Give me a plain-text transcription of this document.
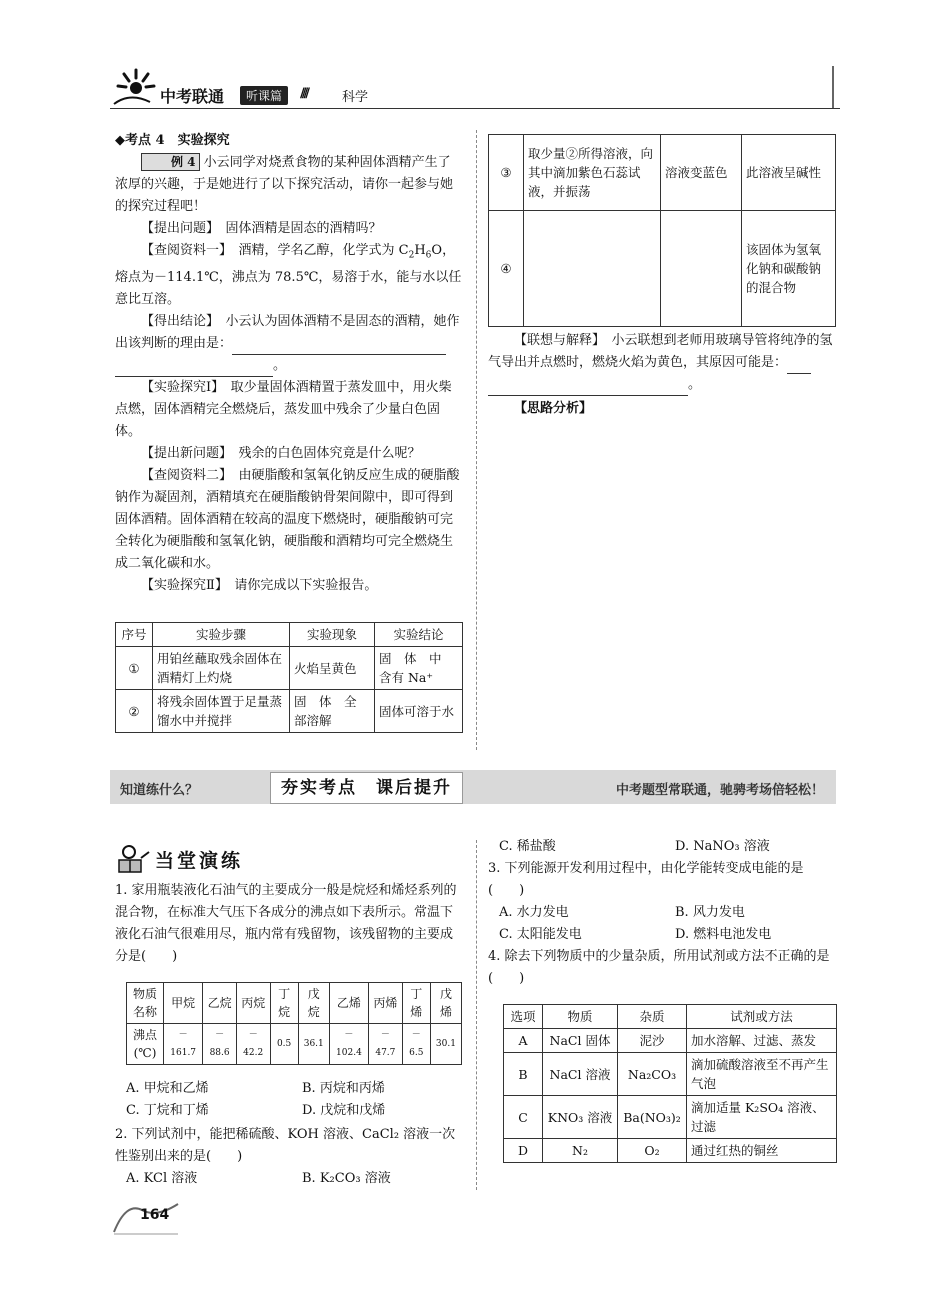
中考联通	听课篇	////	科学

◆考点 4　实验探究

例 4 小云同学对烧煮食物的某种固体酒精产生了浓厚的兴趣，于是她进行了以下探究活动，请你一起参与她的探究过程吧！

【提出问题】　固体酒精是固态的酒精吗？

【查阅资料一】　酒精，学名乙醇，化学式为 $C_2H_6O$，熔点为－114.1℃，沸点为 78.5℃，易溶于水，能与水以任意比互溶。

【得出结论】　小云认为固体酒精不是固态的酒精，她作出该判断的理由是：

。

【实验探究Ⅰ】　取少量固体酒精置于蒸发皿中，用火柴点燃，固体酒精完全燃烧后，蒸发皿中残余了少量白色固体。

【提出新问题】　残余的白色固体究竟是什么呢？

【查阅资料二】　由硬脂酸和氢氧化钠反应生成的硬脂酸钠作为凝固剂，酒精填充在硬脂酸钠骨架间隙中，即可得到固体酒精。固体酒精在较高的温度下燃烧时，硬脂酸钠可完全转化为硬脂酸和氢氧化钠，硬脂酸和酒精均可完全燃烧生成二氧化碳和水。

【实验探究Ⅱ】　请你完成以下实验报告。

序号	实验步骤	实验现象	实验结论
①	用铂丝蘸取残余固体在酒精灯上灼烧	火焰呈黄色	固　体　中　含有 Na⁺
②	将残余固体置于足量蒸馏水中并搅拌	固　体　全　部溶解	固体可溶于水
③	取少量②所得溶液，向其中滴加紫色石蕊试液，并振荡	溶液变蓝色	此溶液呈碱性
④			该固体为氢氧化钠和碳酸钠的混合物

【联想与解释】　小云联想到老师用玻璃导管将纯净的氢气导出并点燃时，燃烧火焰为黄色，其原因可能是：

。

【思路分析】

知道练什么？	夯实考点　课后提升	中考题型常联通，驰骋考场倍轻松！
当堂演练

1. 家用瓶装液化石油气的主要成分一般是烷烃和烯烃系列的混合物，在标准大气压下各成分的沸点如下表所示。常温下液化石油气很难用尽，瓶内常有残留物，该残留物的主要成分是(　　)

物质名称	甲烷	乙烷	丙烷	丁烷	戊烷	乙烯	丙烯	丁烯	戊烯
沸点(℃)	－161.7	－88.6	－42.2	0.5	36.1	－102.4	－47.7	－6.5	30.1
A. 甲烷和乙烯	B. 丙烷和丙烯
C. 丁烷和丁烯	D. 戊烷和戊烯

2. 下列试剂中，能把稀硫酸、KOH 溶液、CaCl₂ 溶液一次性鉴别出来的是(　　)

A. KCl 溶液	B. K₂CO₃ 溶液
C. 稀盐酸	D. NaNO₃ 溶液

3. 下列能源开发利用过程中，由化学能转变成电能的是(　　)

A. 水力发电	B. 风力发电
C. 太阳能发电	D. 燃料电池发电

4. 除去下列物质中的少量杂质，所用试剂或方法不正确的是(　　)

选项	物质	杂质	试剂或方法
A	NaCl 固体	泥沙	加水溶解、过滤、蒸发
B	NaCl 溶液	Na₂CO₃	滴加硫酸溶液至不再产生气泡
C	KNO₃ 溶液	Ba(NO₃)₂	滴加适量 K₂SO₄ 溶液、过滤
D	N₂	O₂	通过红热的铜丝
164
